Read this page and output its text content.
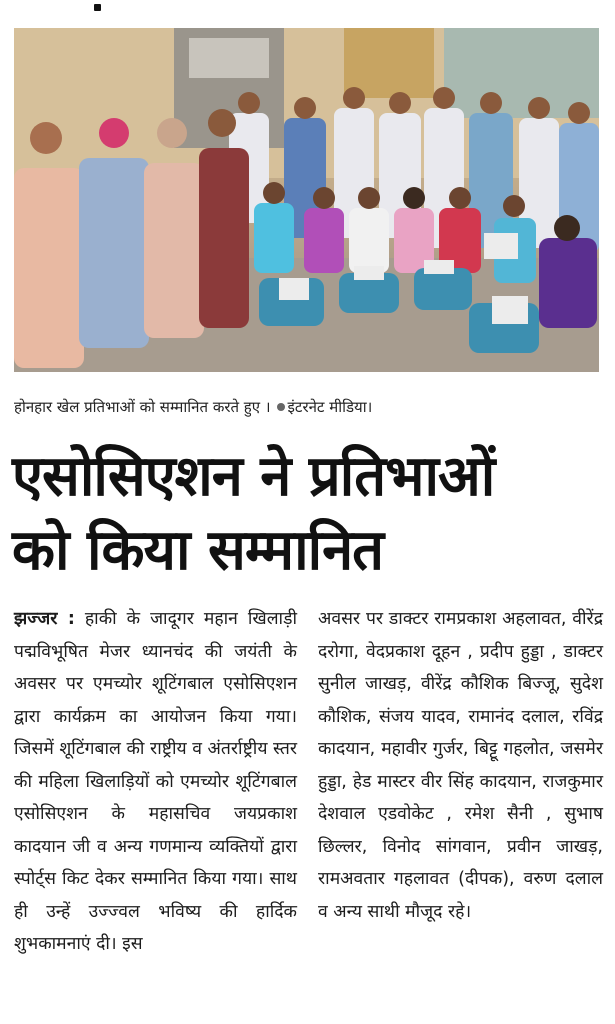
होनहार खेल प्रतिभाओं को सम्मानित करते हुए । इंटरनेट मीडिया।
एसोसिएशन ने प्रतिभाओं
को किया सम्मानित
झज्जर : हाकी के जादूगर महान खिलाड़ी पद्मविभूषित मेजर ध्यानचंद की जयंती के अवसर पर एमच्योर शूटिंगबाल एसोसिएशन द्वारा कार्यक्रम का आयोजन किया गया। जिसमें शूटिंगबाल की राष्ट्रीय व अंतर्राष्ट्रीय स्तर की महिला खिलाड़ियों को एमच्योर शूटिंगबाल एसोसिएशन के महासचिव जयप्रकाश कादयान जी व अन्य गणमान्य व्यक्तियों द्वारा स्पोर्ट्स किट देकर सम्मानित किया गया। साथ ही उन्हें उज्ज्वल भविष्य की हार्दिक शुभकामनाएं दी। इस
अवसर पर डाक्टर रामप्रकाश अहलावत, वीरेंद्र दरोगा, वेदप्रकाश दूहन , प्रदीप हुड्डा , डाक्टर सुनील जाखड़, वीरेंद्र कौशिक बिज्जू, सुदेश कौशिक, संजय यादव, रामानंद दलाल, रविंद्र कादयान, महावीर गुर्जर, बिट्टू गहलोत, जसमेर हुड्डा, हेड मास्टर वीर सिंह कादयान, राजकुमार देशवाल एडवोकेट , रमेश सैनी , सुभाष छिल्लर, विनोद सांगवान, प्रवीन जाखड़, रामअवतार गहलावत (दीपक), वरुण दलाल व अन्य साथी मौजूद रहे।
